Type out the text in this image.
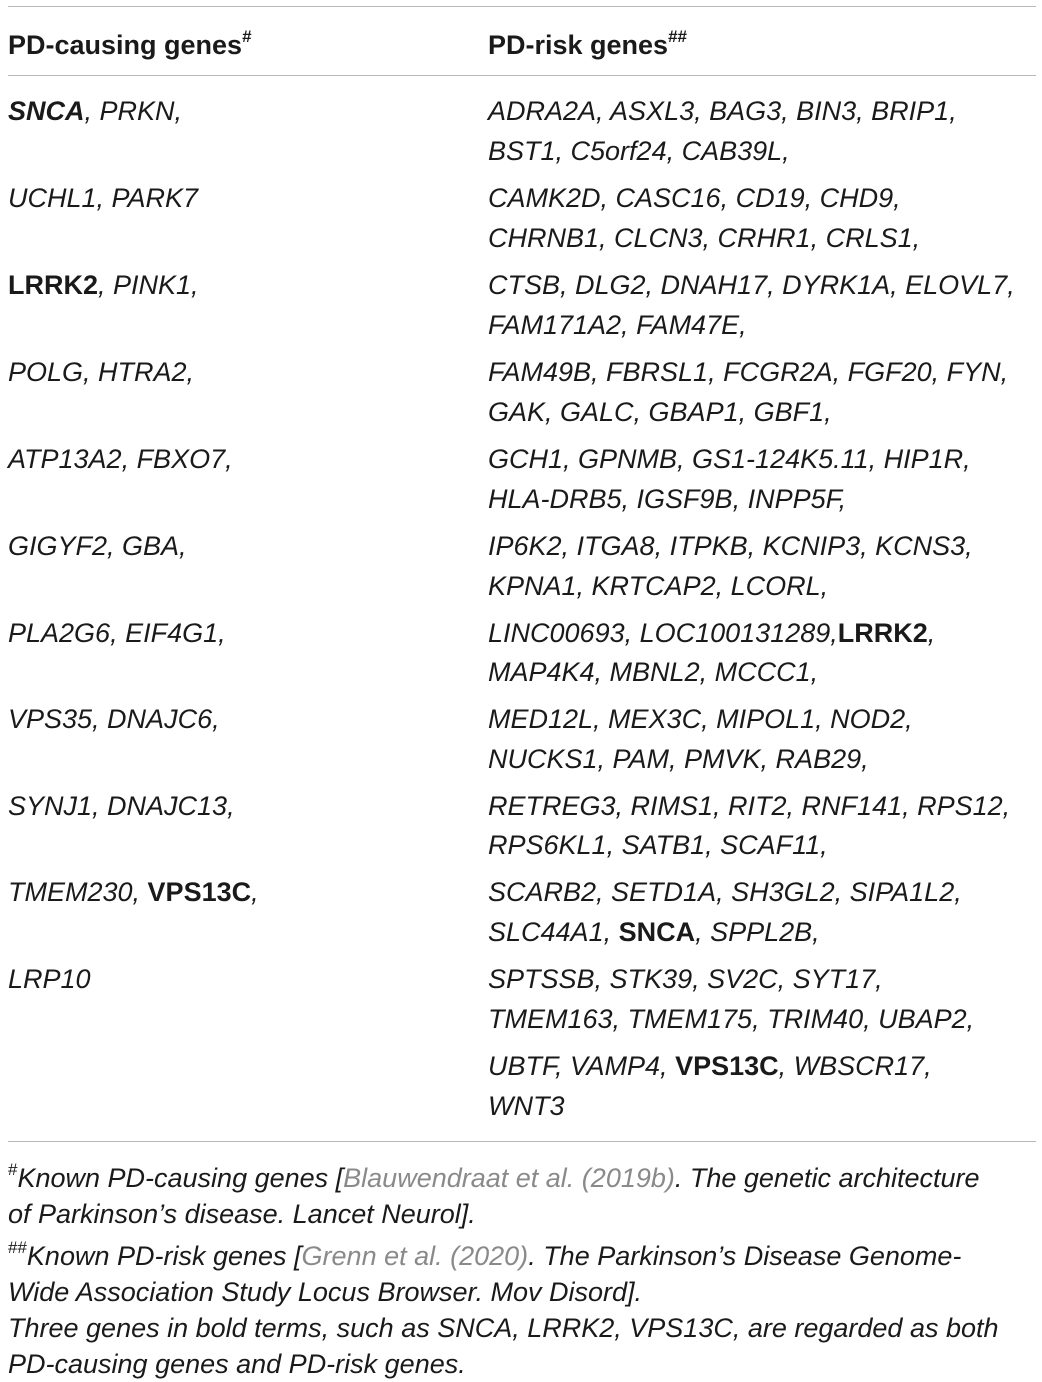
PD-causing genes#	PD-risk genes##
SNCA, PRKN,
UCHL1, PARK7
LRRK2, PINK1,
POLG, HTRA2,
ATP13A2, FBXO7,
GIGYF2, GBA,
PLA2G6, EIF4G1,
VPS35, DNAJC6,
SYNJ1, DNAJC13,
TMEM230, VPS13C,
LRP10
ADRA2A, ASXL3, BAG3, BIN3, BRIP1,
BST1, C5orf24, CAB39L,
CAMK2D, CASC16, CD19, CHD9,
CHRNB1, CLCN3, CRHR1, CRLS1,
CTSB, DLG2, DNAH17, DYRK1A, ELOVL7,
FAM171A2, FAM47E,
FAM49B, FBRSL1, FCGR2A, FGF20, FYN,
GAK, GALC, GBAP1, GBF1,
GCH1, GPNMB, GS1-124K5.11, HIP1R,
HLA-DRB5, IGSF9B, INPP5F,
IP6K2, ITGA8, ITPKB, KCNIP3, KCNS3,
KPNA1, KRTCAP2, LCORL,
LINC00693, LOC100131289,LRRK2,
MAP4K4, MBNL2, MCCC1,
MED12L, MEX3C, MIPOL1, NOD2,
NUCKS1, PAM, PMVK, RAB29,
RETREG3, RIMS1, RIT2, RNF141, RPS12,
RPS6KL1, SATB1, SCAF11,
SCARB2, SETD1A, SH3GL2, SIPA1L2,
SLC44A1, SNCA, SPPL2B,
SPTSSB, STK39, SV2C, SYT17,
TMEM163, TMEM175, TRIM40, UBAP2,
UBTF, VAMP4, VPS13C, WBSCR17,
WNT3

#Known PD-causing genes [Blauwendraat et al. (2019b). The genetic architecture

of Parkinson’s disease. Lancet Neurol].

##Known PD-risk genes [Grenn et al. (2020). The Parkinson’s Disease Genome-

Wide Association Study Locus Browser. Mov Disord].

Three genes in bold terms, such as SNCA, LRRK2, VPS13C, are regarded as both

PD-causing genes and PD-risk genes.
